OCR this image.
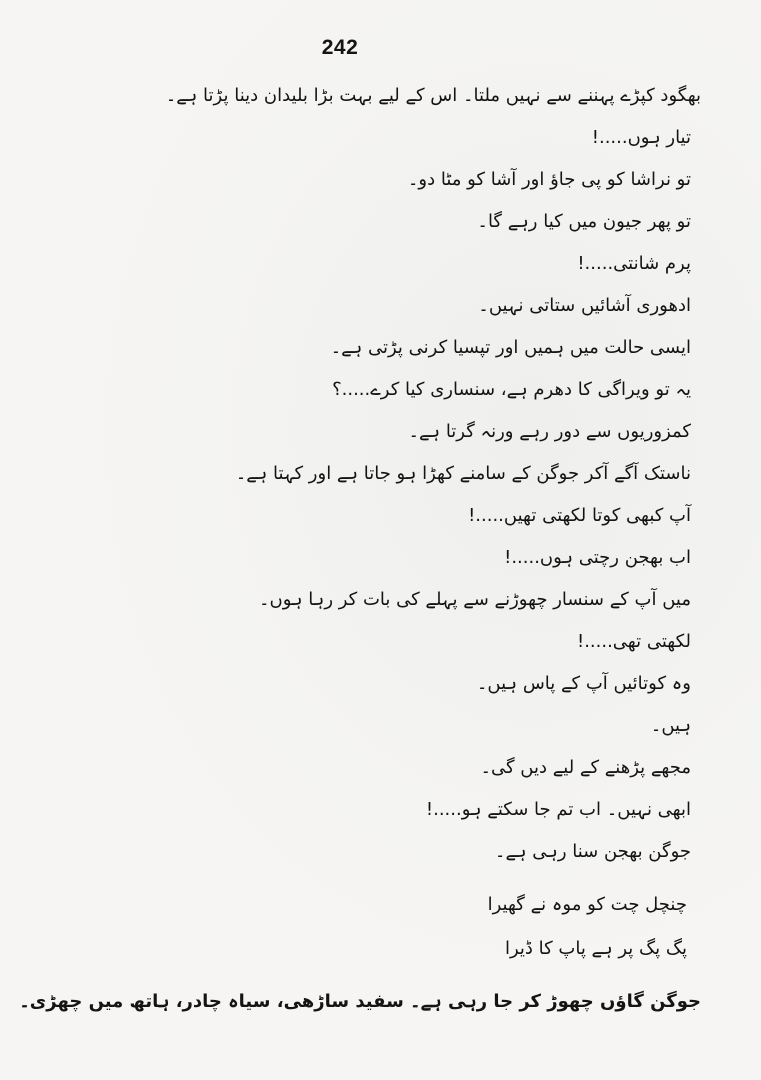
242
بھگود کپڑے پہننے سے نہیں ملتا۔ اس کے لیے بہت بڑا بلیدان دینا پڑتا ہے۔
تیار ہوں.....!
تو نراشا کو پی جاؤ اور آشا کو مٹا دو۔
تو پھر جیون میں کیا رہے گا۔
پرم شانتی.....!
ادھوری آشائیں ستاتی نہیں۔
ایسی حالت میں ہمیں اور تپسیا کرنی پڑتی ہے۔
یہ تو ویراگی کا دھرم ہے، سنساری کیا کرے.....؟
کمزوریوں سے دور رہے ورنہ گرتا ہے۔
ناستک آگے آکر جوگن کے سامنے کھڑا ہو جاتا ہے اور کہتا ہے۔
آپ کبھی کوتا لکھتی تھیں.....!
اب بھجن رچتی ہوں.....!
میں آپ کے سنسار چھوڑنے سے پہلے کی بات کر رہا ہوں۔
لکھتی تھی.....!
وہ کوتائیں آپ کے پاس ہیں۔
ہیں۔
مجھے پڑھنے کے لیے دیں گی۔
ابھی نہیں۔ اب تم جا سکتے ہو.....!
جوگن بھجن سنا رہی ہے۔
چنچل چت کو موہ نے گھیرا
پگ پگ پر ہے پاپ کا ڈیرا
جوگن گاؤں چھوڑ کر جا رہی ہے۔ سفید ساڑھی، سیاہ چادر، ہاتھ میں چھڑی۔
